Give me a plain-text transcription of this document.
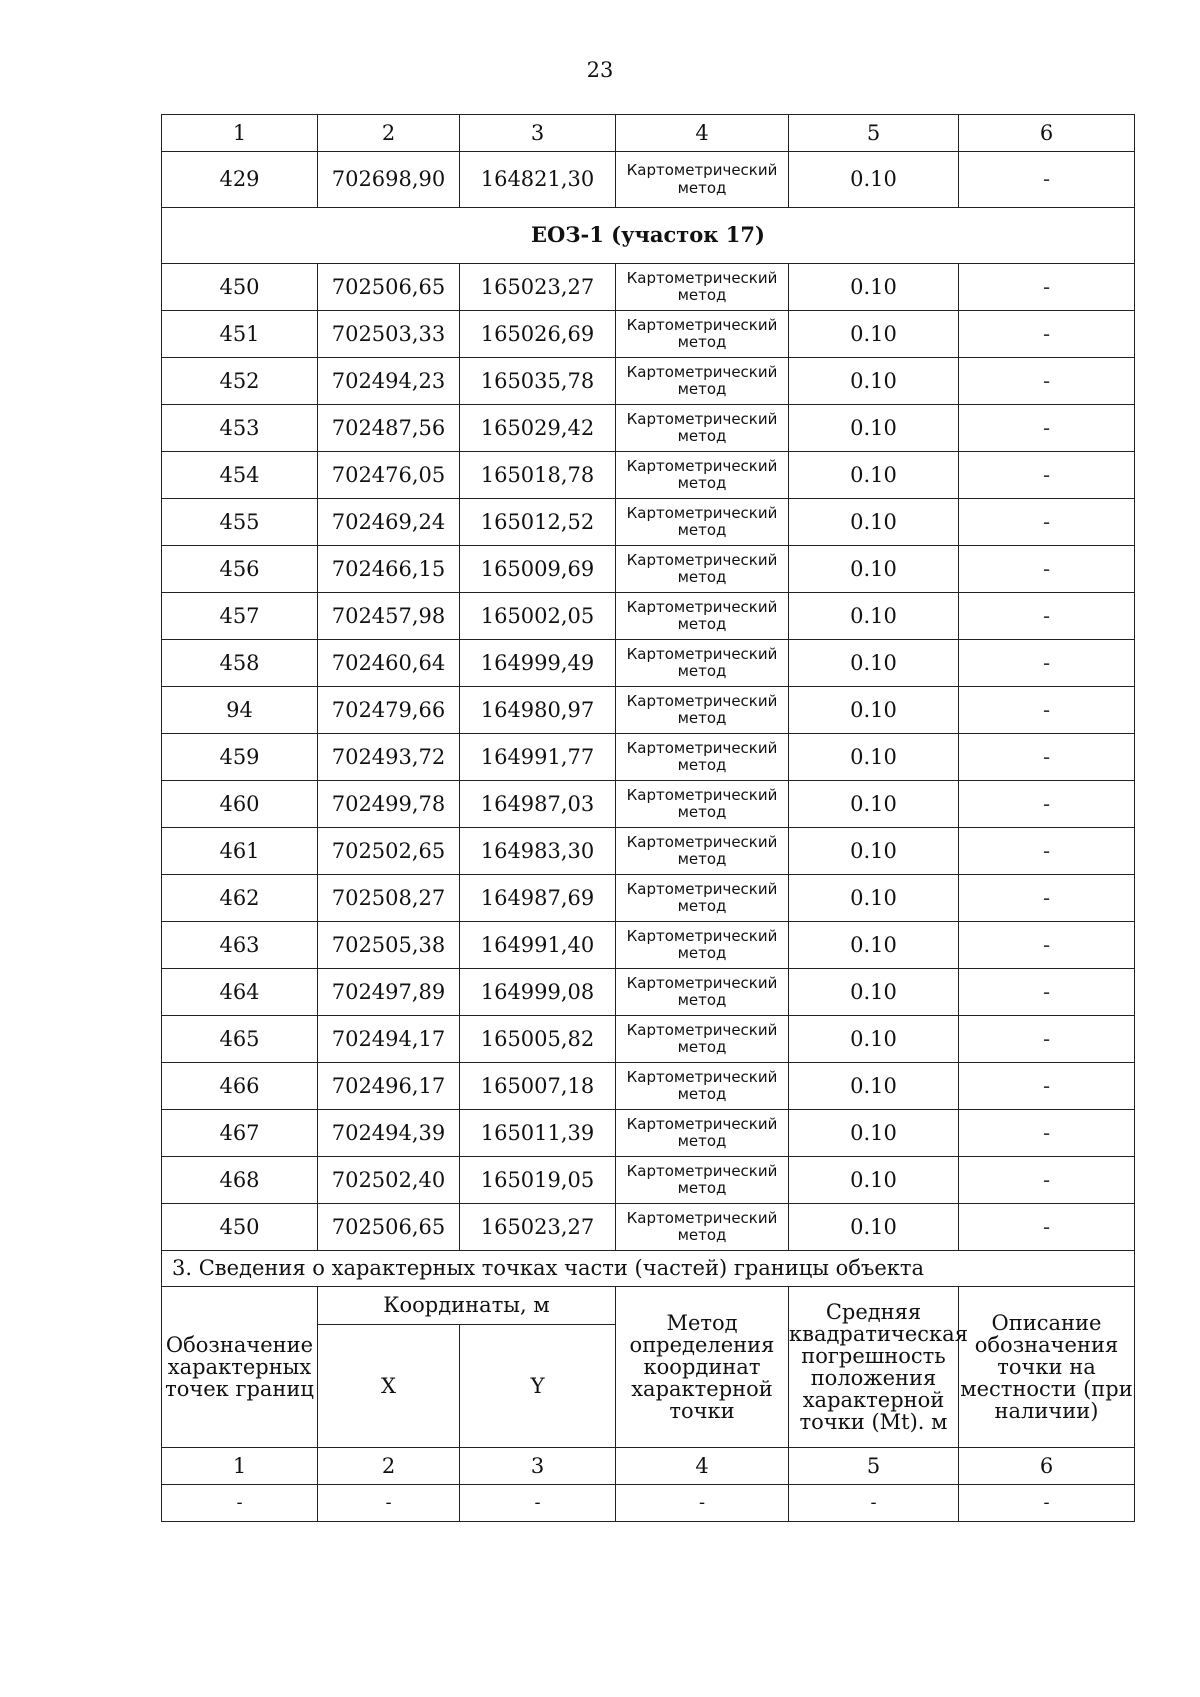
23
1	2	3	4	5	6
429	702698,90	164821,30	Картометрический метод	0.10	-
ЕОЗ-1 (участок 17)					
450	702506,65	165023,27	Картометрический метод	0.10	-
451	702503,33	165026,69	Картометрический метод	0.10	-
452	702494,23	165035,78	Картометрический метод	0.10	-
453	702487,56	165029,42	Картометрический метод	0.10	-
454	702476,05	165018,78	Картометрический метод	0.10	-
455	702469,24	165012,52	Картометрический метод	0.10	-
456	702466,15	165009,69	Картометрический метод	0.10	-
457	702457,98	165002,05	Картометрический метод	0.10	-
458	702460,64	164999,49	Картометрический метод	0.10	-
94	702479,66	164980,97	Картометрический метод	0.10	-
459	702493,72	164991,77	Картометрический метод	0.10	-
460	702499,78	164987,03	Картометрический метод	0.10	-
461	702502,65	164983,30	Картометрический метод	0.10	-
462	702508,27	164987,69	Картометрический метод	0.10	-
463	702505,38	164991,40	Картометрический метод	0.10	-
464	702497,89	164999,08	Картометрический метод	0.10	-
465	702494,17	165005,82	Картометрический метод	0.10	-
466	702496,17	165007,18	Картометрический метод	0.10	-
467	702494,39	165011,39	Картометрический метод	0.10	-
468	702502,40	165019,05	Картометрический метод	0.10	-
450	702506,65	165023,27	Картометрический метод	0.10	-
3. Сведения о характерных точках части (частей) границы объекта					
Обозначение характерных точек границ	Координаты, м		Метод определения координат характерной точки	Средняя квадратическая погрешность положения характерной точки (Mt). м	Описание обозначения точки на местности (при наличии)
	X	Y			
1	2	3	4	5	6
-	-	-	-	-	-
